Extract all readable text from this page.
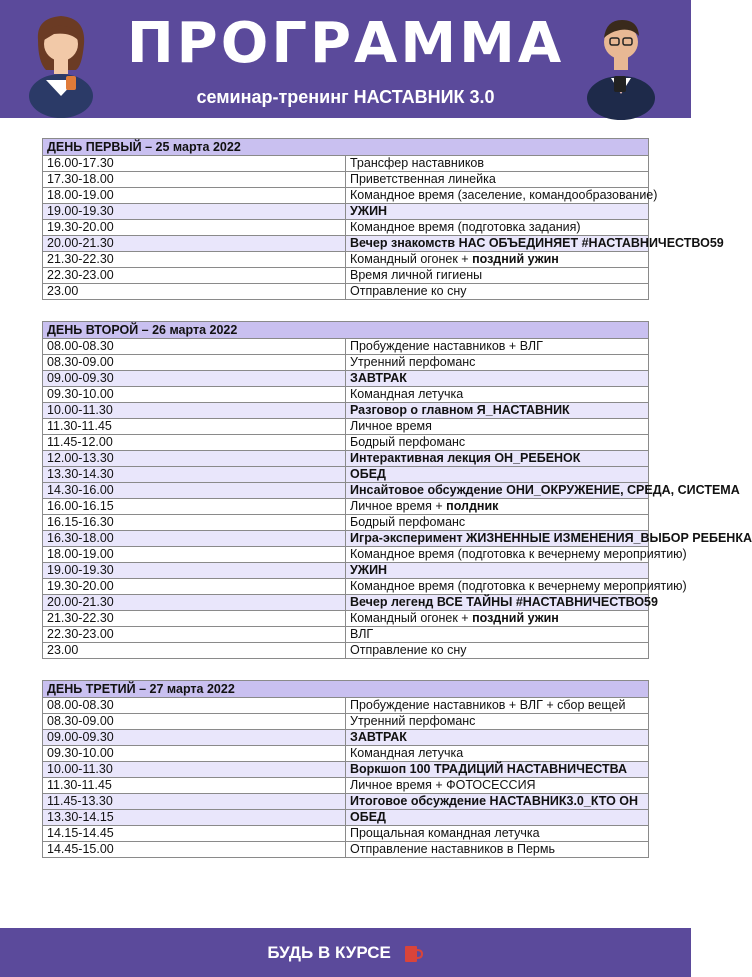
ПРОГРАММА
семинар-тренинг НАСТАВНИК 3.0
ДЕНЬ ПЕРВЫЙ – 25 марта 2022	
16.00-17.30	Трансфер наставников
17.30-18.00	Приветственная линейка
18.00-19.00	Командное время (заселение, командообразование)
19.00-19.30	УЖИН
19.30-20.00	Командное время (подготовка задания)
20.00-21.30	Вечер знакомств НАС ОБЪЕДИНЯЕТ #НАСТАВНИЧЕСТВО59
21.30-22.30	Командный огонек + поздний ужин
22.30-23.00	Время личной гигиены
23.00	Отправление ко сну
ДЕНЬ ВТОРОЙ – 26 марта 2022	
08.00-08.30	Пробуждение наставников + ВЛГ
08.30-09.00	Утренний перфоманс
09.00-09.30	ЗАВТРАК
09.30-10.00	Командная летучка
10.00-11.30	Разговор о главном Я_НАСТАВНИК
11.30-11.45	Личное время
11.45-12.00	Бодрый перфоманс
12.00-13.30	Интерактивная лекция ОН_РЕБЕНОК
13.30-14.30	ОБЕД
14.30-16.00	Инсайтовое обсуждение ОНИ_ОКРУЖЕНИЕ, СРЕДА, СИСТЕМА
16.00-16.15	Личное время + полдник
16.15-16.30	Бодрый перфоманс
16.30-18.00	Игра-эксперимент ЖИЗНЕННЫЕ ИЗМЕНЕНИЯ_ВЫБОР РЕБЕНКА
18.00-19.00	Командное время (подготовка к вечернему мероприятию)
19.00-19.30	УЖИН
19.30-20.00	Командное время (подготовка к вечернему мероприятию)
20.00-21.30	Вечер легенд ВСЕ ТАЙНЫ #НАСТАВНИЧЕСТВО59
21.30-22.30	Командный огонек + поздний ужин
22.30-23.00	ВЛГ
23.00	Отправление ко сну
ДЕНЬ ТРЕТИЙ – 27 марта 2022	
08.00-08.30	Пробуждение наставников + ВЛГ + сбор вещей
08.30-09.00	Утренний перфоманс
09.00-09.30	ЗАВТРАК
09.30-10.00	Командная летучка
10.00-11.30	Воркшоп 100 ТРАДИЦИЙ НАСТАВНИЧЕСТВА
11.30-11.45	Личное время + ФОТОСЕССИЯ
11.45-13.30	Итоговое обсуждение НАСТАВНИК3.0_КТО ОН
13.30-14.15	ОБЕД
14.15-14.45	Прощальная командная летучка
14.45-15.00	Отправление наставников в Пермь
БУДЬ В КУРСЕ
